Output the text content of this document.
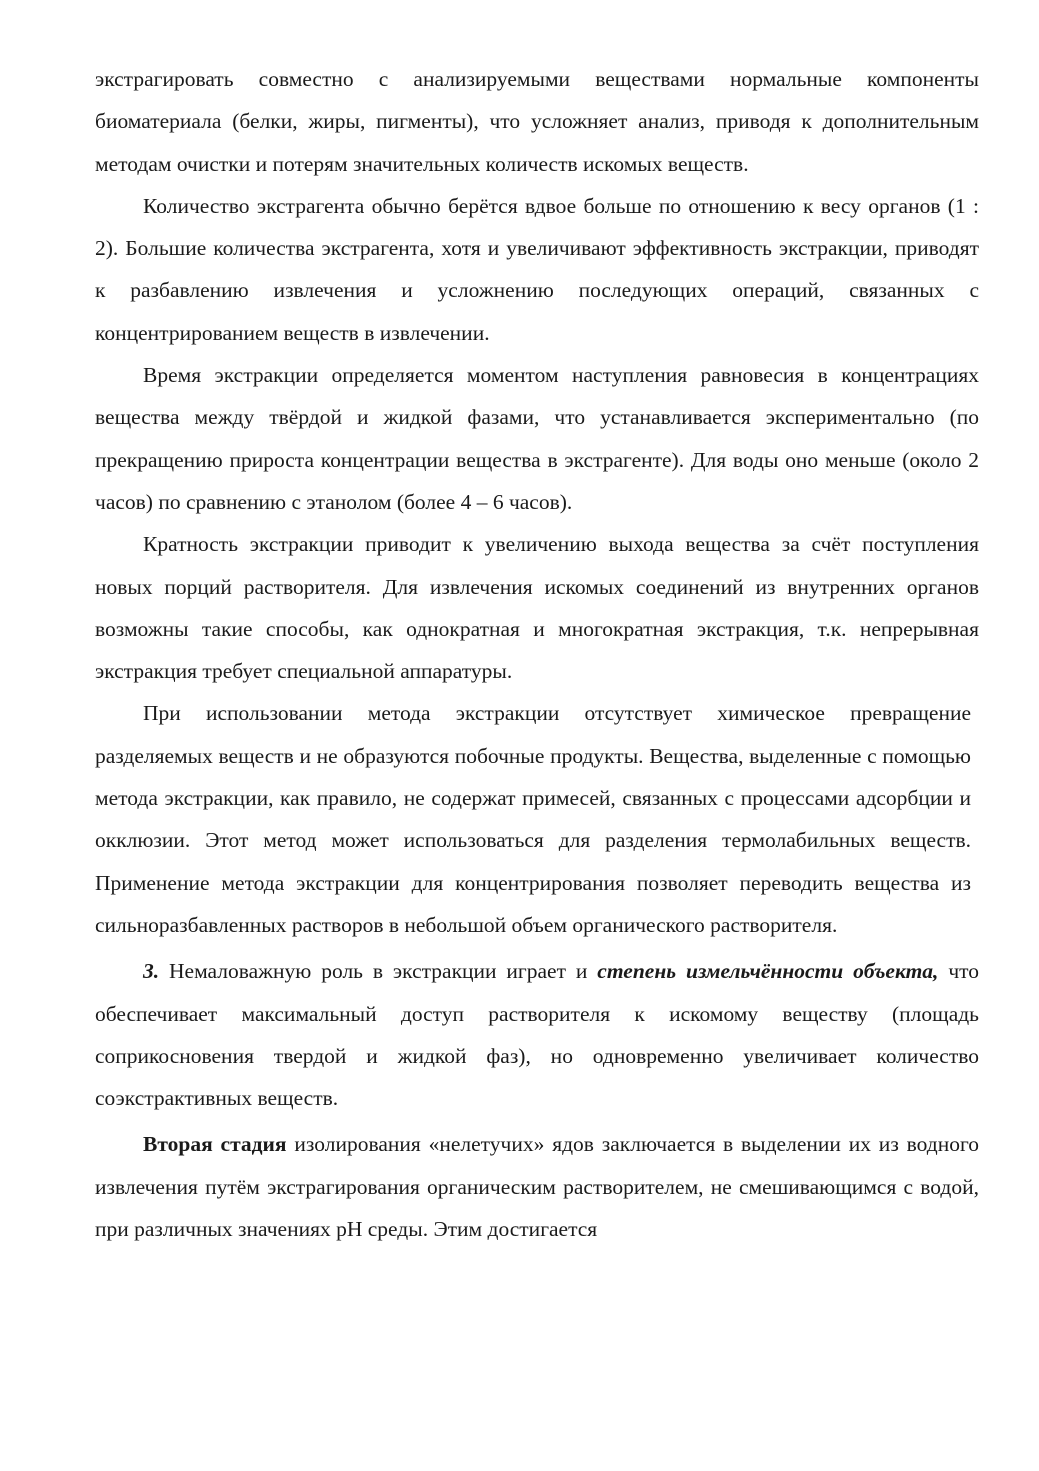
экстрагировать совместно с анализируемыми веществами нормальные компоненты биоматериала (белки, жиры, пигменты), что усложняет анализ, приводя к дополнительным методам очистки и потерям значительных количеств искомых веществ.

Количество экстрагента обычно берётся вдвое больше по отношению к весу органов (1 : 2). Большие количества экстрагента, хотя и увеличивают эффективность экстракции, приводят к разбавлению извлечения и усложнению последующих операций, связанных с концентрированием веществ в извлечении.

Время экстракции определяется моментом наступления равновесия в концентрациях вещества между твёрдой и жидкой фазами, что устанавливается экспериментально (по прекращению прироста концентрации вещества в экстрагенте). Для воды оно меньше (около 2 часов) по сравнению с этанолом (более 4 – 6 часов).

Кратность экстракции приводит к увеличению выхода вещества за счёт поступления новых порций растворителя. Для извлечения искомых соединений из внутренних органов возможны такие способы, как однократная и многократная экстракция, т.к. непрерывная экстракция требует специальной аппаратуры.

При использовании метода экстракции отсутствует химическое превращение разделяемых веществ и не образуются побочные продукты. Вещества, выделенные с помощью метода экстракции, как правило, не содержат примесей, связанных с процессами адсорбции и окклюзии. Этот метод может использоваться для разделения термолабильных веществ. Применение метода экстракции для концентрирования позволяет переводить вещества из сильноразбавленных растворов в небольшой объем органического растворителя.

3. Немаловажную роль в экстракции играет и степень измельчённости объекта, что обеспечивает максимальный доступ растворителя к искомому веществу (площадь соприкосновения твердой и жидкой фаз), но одновременно увеличивает количество соэкстрактивных веществ.

Вторая стадия изолирования «нелетучих» ядов заключается в выделении их из водного извлечения путём экстрагирования органическим растворителем, не смешивающимся с водой, при различных значениях pH среды. Этим достигается
